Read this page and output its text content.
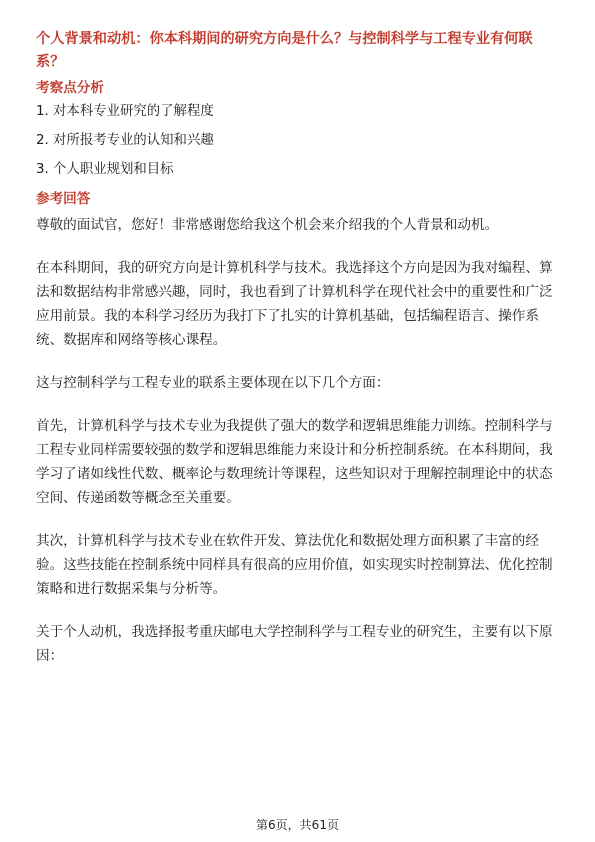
个人背景和动机：你本科期间的研究方向是什么？与控制科学与工程专业有何联系？
考察点分析
1. 对本科专业研究的了解程度
2. 对所报考专业的认知和兴趣
3. 个人职业规划和目标
参考回答
尊敬的面试官，您好！非常感谢您给我这个机会来介绍我的个人背景和动机。
在本科期间，我的研究方向是计算机科学与技术。我选择这个方向是因为我对编程、算法和数据结构非常感兴趣，同时，我也看到了计算机科学在现代社会中的重要性和广泛应用前景。我的本科学习经历为我打下了扎实的计算机基础，包括编程语言、操作系统、数据库和网络等核心课程。
这与控制科学与工程专业的联系主要体现在以下几个方面：
首先，计算机科学与技术专业为我提供了强大的数学和逻辑思维能力训练。控制科学与工程专业同样需要较强的数学和逻辑思维能力来设计和分析控制系统。在本科期间，我学习了诸如线性代数、概率论与数理统计等课程，这些知识对于理解控制理论中的状态空间、传递函数等概念至关重要。
其次，计算机科学与技术专业在软件开发、算法优化和数据处理方面积累了丰富的经验。这些技能在控制系统中同样具有很高的应用价值，如实现实时控制算法、优化控制策略和进行数据采集与分析等。
关于个人动机，我选择报考重庆邮电大学控制科学与工程专业的研究生，主要有以下原因：
第6页，共61页
